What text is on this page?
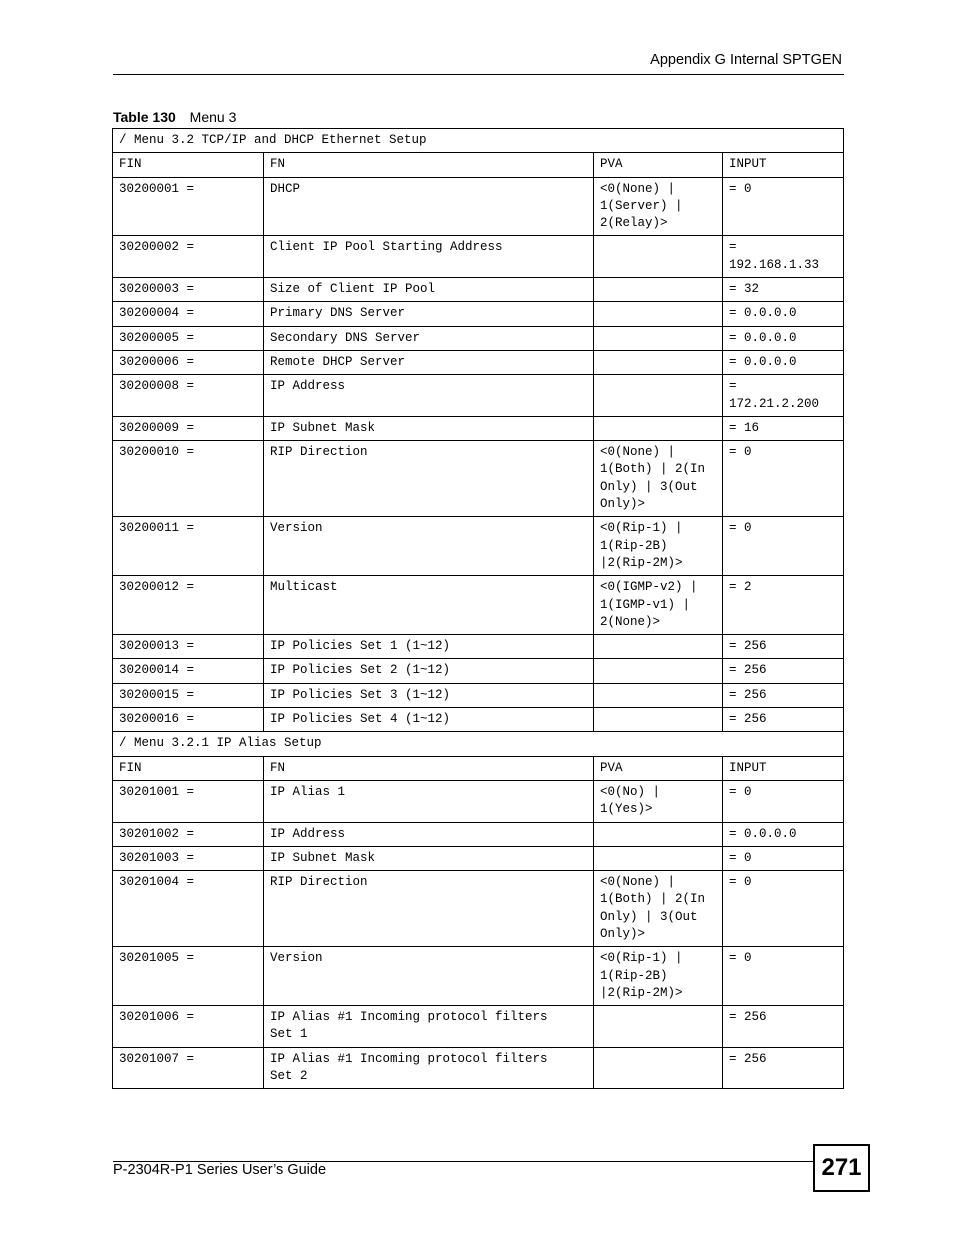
Appendix G Internal SPTGEN
Table 130 Menu 3
/ Menu 3.2 TCP/IP and DHCP Ethernet Setup			
FIN	FN	PVA	INPUT
30200001 =	DHCP	<0(None) |
1(Server) |
2(Relay)>	= 0
30200002 =	Client IP Pool Starting Address		=
192.168.1.33
30200003 =	Size of Client IP Pool		= 32
30200004 =	Primary DNS Server		= 0.0.0.0
30200005 =	Secondary DNS Server		= 0.0.0.0
30200006 =	Remote DHCP Server		= 0.0.0.0
30200008 =	IP Address		=
172.21.2.200
30200009 =	IP Subnet Mask		= 16
30200010 =	RIP Direction	<0(None) |
1(Both) | 2(In
Only) | 3(Out
Only)>	= 0
30200011 =	Version	<0(Rip-1) |
1(Rip-2B)
|2(Rip-2M)>	= 0
30200012 =	Multicast	<0(IGMP-v2) |
1(IGMP-v1) |
2(None)>	= 2
30200013 =	IP Policies Set 1 (1~12)		= 256
30200014 =	IP Policies Set 2 (1~12)		= 256
30200015 =	IP Policies Set 3 (1~12)		= 256
30200016 =	IP Policies Set 4 (1~12)		= 256
/ Menu 3.2.1 IP Alias Setup			
FIN	FN	PVA	INPUT
30201001 =	IP Alias 1	<0(No) |
1(Yes)>	= 0
30201002 =	IP Address		= 0.0.0.0
30201003 =	IP Subnet Mask		= 0
30201004 =	RIP Direction	<0(None) |
1(Both) | 2(In
Only) | 3(Out
Only)>	= 0
30201005 =	Version	<0(Rip-1) |
1(Rip-2B)
|2(Rip-2M)>	= 0
30201006 =	IP Alias #1 Incoming protocol filters
Set 1		= 256
30201007 =	IP Alias #1 Incoming protocol filters
Set 2		= 256
P-2304R-P1 Series User’s Guide	271
